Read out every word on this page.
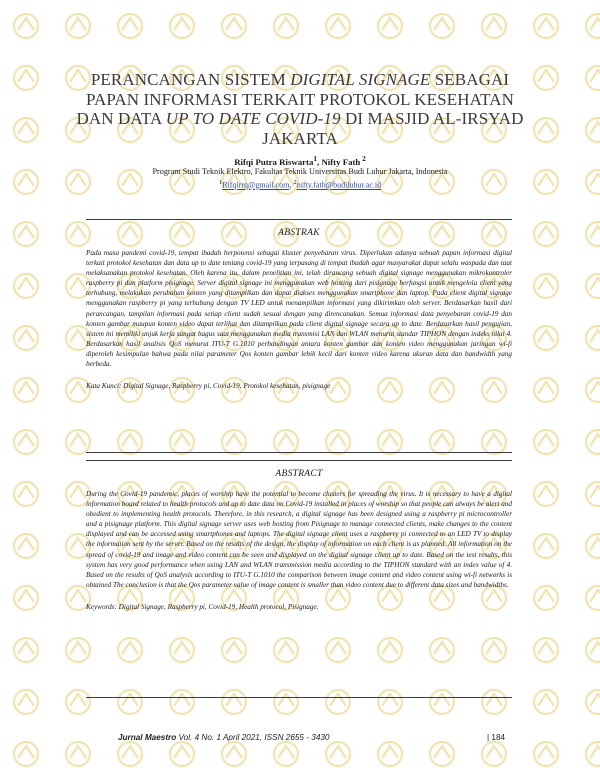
PERANCANGAN SISTEM DIGITAL SIGNAGE SEBAGAI PAPAN INFORMASI TERKAIT PROTOKOL KESEHATAN DAN DATA UP TO DATE COVID-19 DI MASJID AL-IRSYAD JAKARTA
Rifqi Putra Riswarta$^1$, Nifty Fath $^2$
Program Studi Teknik Elektro, Fakultas Teknik Universitas Budi Luhur Jakarta, Indonesia
$^1$Rifqirrq@gmail.com, $^2$nifty.fath@budiluhur.ac.id
ABSTRAK

Pada masa pandemi covid-19, tempat ibadah berpotensi sebagai kluster penyebaran virus. Diperlukan adanya sebuah papan informasi digital terkait protokol kesehatan dan data up to date tentang covid-19 yang terpasang di tempat ibadah agar masyarakat dapat selalu waspada dan taat melaksanakan protokol kesehatan. Oleh karena itu, dalam penelitian ini, telah dirancang sebuah digital signage menggunakan mikrokontroler raspberry pi dan platform pisignage. Server digital signage ini menggunakan web hosting dari pisignage berfungsi untuk mengelola client yang terhubung, melakukan perubahan konten yang ditampilkan dan dapat diakses menggunakan smartphone dan laptop. Pada client digital signage menggunakan raspberry pi yang terhubung dengan TV LED untuk menampilkan informasi yang dikirimkan oleh server. Berdasarkan hasil dari perancangan, tampilan informasi pada setiap client sudah sesuai dengan yang direncanakan. Semua informasi data penyebaran covid-19 dan konten gambar maupun konten video dapat terlihat dan ditampilkan pada client digital signage secara up to date. Berdasarkan hasil pengujian, sistem ini memiliki unjuk kerja sangat bagus saat menggunakan media transmisi LAN dan WLAN menurut standar TIPHON dengan indeks nilai 4. Berdasarkan hasil analisis QoS menurut ITU-T G.1010 perbandingan antara konten gambar dan konten video menggunakan jaringan wi-fi diperoleh kesimpulan bahwa pada nilai parameter Qos konten gambar lebih kecil dari konten video karena ukuran data dan bandwidth yang berbeda.

Kata Kunci: Digital Signage, Raspberry pi, Covid-19, Protokol kesehatan, pisignage
ABSTRACT

During the Covid-19 pandemic, places of worship have the potential to become clusters for spreading the virus. It is necessary to have a digital information board related to health protocols and up to date data on Covid-19 installed in places of worship so that people can always be alert and obedient to implementing health protocols. Therefore, in this research, a digital signage has been designed using a raspberry pi microcontroller and a pisignage platform. This digital signage server uses web hosting from Pisignage to manage connected clients, make changes to the content displayed and can be accessed using smartphones and laptops. The digital signage client uses a raspberry pi connected to an LED TV to display the information sent by the server. Based on the results of the design, the display of information on each client is as planned. All information on the spread of covid-19 and image and video content can be seen and displayed on the digital signage client up to date. Based on the test results, this system has very good performance when using LAN and WLAN transmission media according to the TIPHON standard with an index value of 4. Based on the results of QoS analysis according to ITU-T G.1010 the comparison between image content and video content using wi-fi networks is obtained The conclusion is that the Qos parameter value of image content is smaller than video content due to different data sizes and bandwidths.

Keywords: Digital Signage, Raspberry pi, Covid-19, Health protocol, Pisignage.
Jurnal Maestro Vol. 4 No. 1 April 2021, ISSN 2655 - 3430	| 184
